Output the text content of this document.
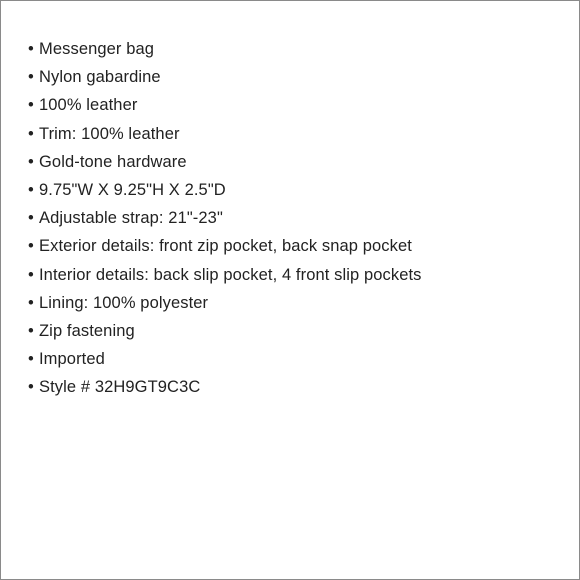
• Messenger bag
• Nylon gabardine
• 100% leather
• Trim: 100% leather
• Gold-tone hardware
• 9.75"W X 9.25"H X 2.5"D
• Adjustable strap: 21"-23"
• Exterior details: front zip pocket, back snap pocket
• Interior details: back slip pocket, 4 front slip pockets
• Lining: 100% polyester
• Zip fastening
• Imported
• Style # 32H9GT9C3C
